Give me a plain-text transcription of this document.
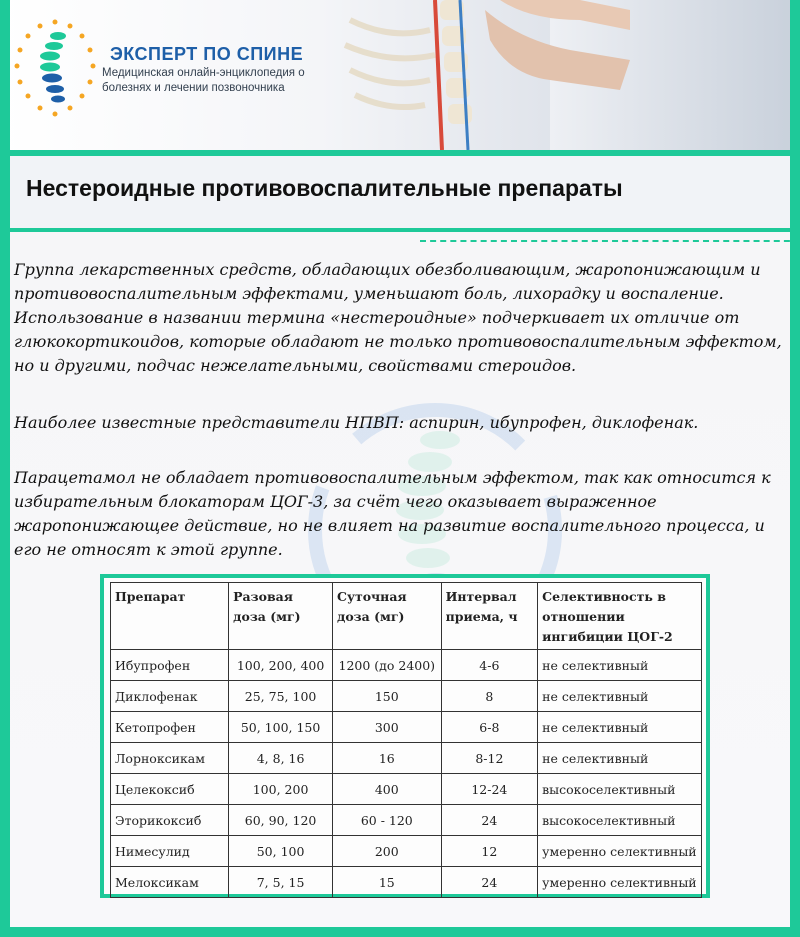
ЭКСПЕРТ ПО СПИНЕ
Медицинская онлайн-энциклопедия о болезнях и лечении позвоночника
Нестероидные противовоспалительные препараты
Группа лекарственных средств, обладающих обезболивающим, жаропонижающим и противовоспалительным эффектами, уменьшают боль, лихорадку и воспаление. Использование в названии термина «нестероидные» подчеркивает их отличие от глюкокортикоидов, которые обладают не только противовоспалительным эффектом, но и другими, подчас нежелательными, свойствами стероидов.
Наиболее известные представители НПВП: аспирин, ибупрофен, диклофенак.
Парацетамол не обладает противовоспалительным эффектом, так как относится к избирательным блокаторам ЦОГ-3, за счёт чего оказывает выраженное жаропонижающее действие, но не влияет на развитие воспалительного процесса, и его не относят к этой группе.
Препарат	Разовая доза (мг)	Суточная доза (мг)	Интервал приема, ч	Селективность в отношении ингибиции ЦОГ-2
Ибупрофен	100, 200, 400	1200 (до 2400)	4-6	не селективный
Диклофенак	25, 75, 100	150	8	не селективный
Кетопрофен	50, 100, 150	300	6-8	не селективный
Лорноксикам	4, 8, 16	16	8-12	не селективный
Целекоксиб	100, 200	400	12-24	высокоселективный
Эторикоксиб	60, 90, 120	60 - 120	24	высокоселективный
Нимесулид	50, 100	200	12	умеренно селективный
Мелоксикам	7, 5, 15	15	24	умеренно селективный
